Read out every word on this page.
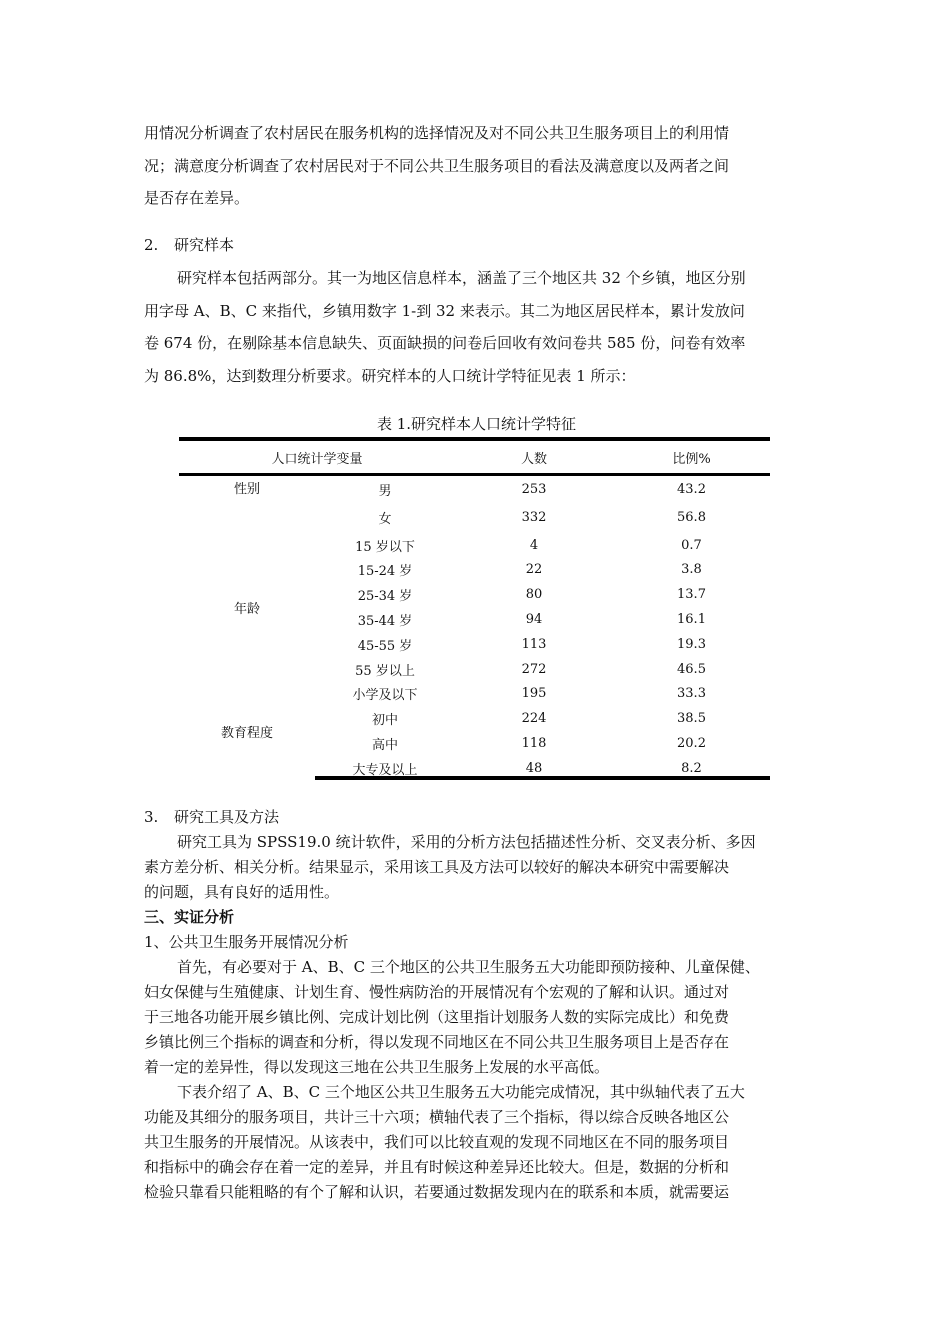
用情况分析调查了农村居民在服务机构的选择情况及对不同公共卫生服务项目上的利用情
况；满意度分析调查了农村居民对于不同公共卫生服务项目的看法及满意度以及两者之间
是否存在差异。
2. 研究样本
研究样本包括两部分。其一为地区信息样本，涵盖了三个地区共 32 个乡镇，地区分别
用字母 A、B、C 来指代，乡镇用数字 1-到 32 来表示。其二为地区居民样本，累计发放问
卷 674 份，在剔除基本信息缺失、页面缺损的问卷后回收有效问卷共 585 份，问卷有效率
为 86.8%，达到数理分析要求。研究样本的人口统计学特征见表 1 所示：
表 1.研究样本人口统计学特征
人口统计学变量		人数	比例%
性别	男	253	43.2
	女	332	56.8
年龄	15 岁以下	4	0.7
	15-24 岁	22	3.8
	25-34 岁	80	13.7
	35-44 岁	94	16.1
	45-55 岁	113	19.3
	55 岁以上	272	46.5
教育程度	小学及以下	195	33.3
	初中	224	38.5
	高中	118	20.2
	大专及以上	48	8.2
3. 研究工具及方法
研究工具为 SPSS19.0 统计软件，采用的分析方法包括描述性分析、交叉表分析、多因
素方差分析、相关分析。结果显示，采用该工具及方法可以较好的解决本研究中需要解决
的问题，具有良好的适用性。
三、实证分析
1、公共卫生服务开展情况分析
首先，有必要对于 A、B、C 三个地区的公共卫生服务五大功能即预防接种、儿童保健、
妇女保健与生殖健康、计划生育、慢性病防治的开展情况有个宏观的了解和认识。通过对
于三地各功能开展乡镇比例、完成计划比例（这里指计划服务人数的实际完成比）和免费
乡镇比例三个指标的调查和分析，得以发现不同地区在不同公共卫生服务项目上是否存在
着一定的差异性，得以发现这三地在公共卫生服务上发展的水平高低。
下表介绍了 A、B、C 三个地区公共卫生服务五大功能完成情况，其中纵轴代表了五大
功能及其细分的服务项目，共计三十六项；横轴代表了三个指标，得以综合反映各地区公
共卫生服务的开展情况。从该表中，我们可以比较直观的发现不同地区在不同的服务项目
和指标中的确会存在着一定的差异，并且有时候这种差异还比较大。但是，数据的分析和
检验只靠看只能粗略的有个了解和认识，若要通过数据发现内在的联系和本质，就需要运
